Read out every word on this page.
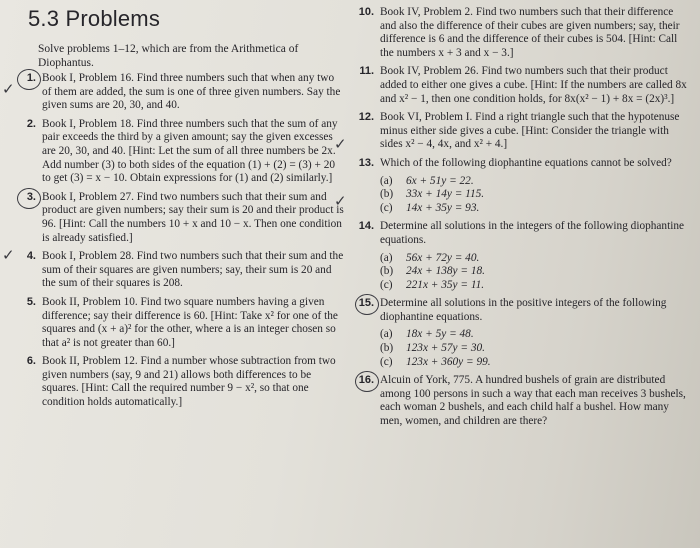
5.3 Problems

Solve problems 1–12, which are from the Arithmetica of Diophantus.

1. Book I, Problem 16. Find three numbers such that when any two of them are added, the sum is one of three given numbers. Say the given sums are 20, 30, and 40.
2. Book I, Problem 18. Find three numbers such that the sum of any pair exceeds the third by a given amount; say the given excesses are 20, 30, and 40. [Hint: Let the sum of all three numbers be 2x. Add number (3) to both sides of the equation (1) + (2) = (3) + 20 to get (3) = x − 10. Obtain expressions for (1) and (2) similarly.]
3. Book I, Problem 27. Find two numbers such that their sum and product are given numbers; say their sum is 20 and their product is 96. [Hint: Call the numbers 10 + x and 10 − x. Then one condition is already satisfied.]
4. Book I, Problem 28. Find two numbers such that their sum and the sum of their squares are given numbers; say, their sum is 20 and the sum of their squares is 208.
5. Book II, Problem 10. Find two square numbers having a given difference; say their difference is 60. [Hint: Take x² for one of the squares and (x + a)² for the other, where a is an integer chosen so that a² is not greater than 60.]
6. Book II, Problem 12. Find a number whose subtraction from two given numbers (say, 9 and 21) allows both differences to be squares. [Hint: Call the required number 9 − x², so that one condition holds automatically.]
✓
✓
10. Book IV, Problem 2. Find two numbers such that their difference and also the difference of their cubes are given numbers; say, their difference is 6 and the difference of their cubes is 504. [Hint: Call the numbers x + 3 and x − 3.]
11. Book IV, Problem 26. Find two numbers such that their product added to either one gives a cube. [Hint: If the numbers are called 8x and x² − 1, then one condition holds, for 8x(x² − 1) + 8x = (2x)³.]
12. Book VI, Problem I. Find a right triangle such that the hypotenuse minus either side gives a cube. [Hint: Consider the triangle with sides x² − 4, 4x, and x² + 4.]
13. Which of the following diophantine equations cannot be solved?
(a)	6x + 51y = 22.
(b)	33x + 14y = 115.
(c)	14x + 35y = 93.
14. Determine all solutions in the integers of the following diophantine equations.
(a)	56x + 72y = 40.
(b)	24x + 138y = 18.
(c)	221x + 35y = 11.
15. Determine all solutions in the positive integers of the following diophantine equations.
(a)	18x + 5y = 48.
(b)	123x + 57y = 30.
(c)	123x + 360y = 99.
16. Alcuin of York, 775. A hundred bushels of grain are distributed among 100 persons in such a way that each man receives 3 bushels, each woman 2 bushels, and each child half a bushel. How many men, women, and children are there?
✓
✓
